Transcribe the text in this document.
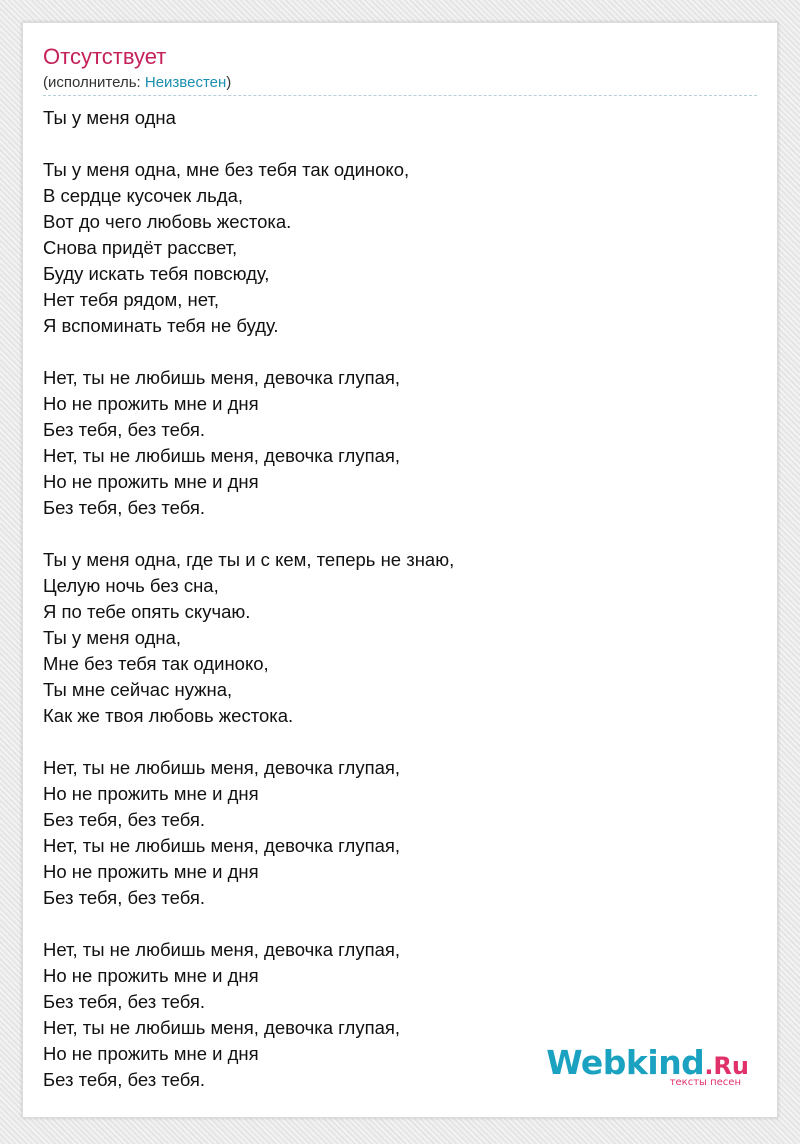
Отсутствует
(исполнитель: Неизвестен)
Ты у меня одна
Ты у меня одна, мне без тебя так одиноко,
В сердце кусочек льда,
Вот до чего любовь жестока.
Снова придёт рассвет,
Буду искать тебя повсюду,
Нет тебя рядом, нет,
Я вспоминать тебя не буду.
Нет, ты не любишь меня, девочка глупая,
Но не прожить мне и дня
Без тебя, без тебя.
Нет, ты не любишь меня, девочка глупая,
Но не прожить мне и дня
Без тебя, без тебя.
Ты у меня одна, где ты и с кем, теперь не знаю,
Целую ночь без сна,
Я по тебе опять скучаю.
Ты у меня одна,
Мне без тебя так одиноко,
Ты мне сейчас нужна,
Как же твоя любовь жестока.
Нет, ты не любишь меня, девочка глупая,
Но не прожить мне и дня
Без тебя, без тебя.
Нет, ты не любишь меня, девочка глупая,
Но не прожить мне и дня
Без тебя, без тебя.
Нет, ты не любишь меня, девочка глупая,
Но не прожить мне и дня
Без тебя, без тебя.
Нет, ты не любишь меня, девочка глупая,
Но не прожить мне и дня
Без тебя, без тебя.	Webkind.Ru
тексты песен
